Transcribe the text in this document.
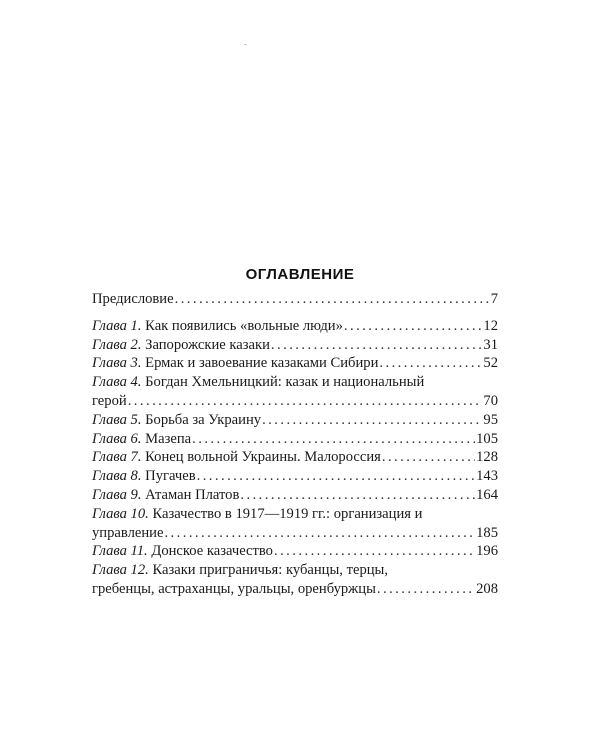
ОГЛАВЛЕНИЕ
Предисловие . . .	7
Глава 1. Как появились «вольные люди» . . .	12
Глава 2. Запорожские казаки . . .	31
Глава 3. Ермак и завоевание казаками Сибири . . .	52
Глава 4. Богдан Хмельницкий: казак и национальный
герой . . .	70
Глава 5. Борьба за Украину . . .	95
Глава 6. Мазепа . . .	105
Глава 7. Конец вольной Украины. Малороссия . . .	128
Глава 8. Пугачев . . .	143
Глава 9. Атаман Платов . . .	164
Глава 10. Казачество в 1917—1919 гг.: организация и
управление . . .	185
Глава 11. Донское казачество . . .	196
Глава 12. Казаки приграничья: кубанцы, терцы,
гребенцы, астраханцы, уральцы, оренбуржцы . . .	208
